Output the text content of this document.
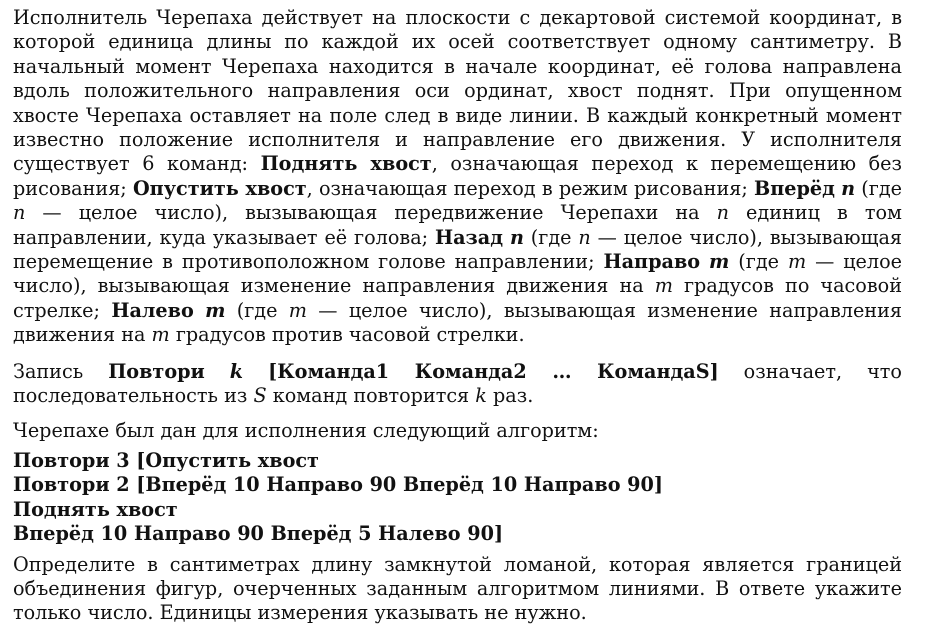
Исполнитель Черепаха действует на плоскости с декартовой системой координат, в которой единица длины по каждой их осей соответствует одному сантиметру. В начальный момент Черепаха находится в начале координат, её голова направлена вдоль положительного направления оси ординат, хвост поднят. При опущенном хвосте Черепаха оставляет на поле след в виде линии. В каждый конкретный момент известно положение исполнителя и направление его движения. У исполнителя существует 6 команд: Поднять хвост, означающая переход к перемещению без рисования; Опустить хвост, означающая переход в режим рисования; Вперёд n (где n — целое число), вызывающая передвижение Черепахи на n единиц в том направлении, куда указывает её голова; Назад n (где n — целое число), вызывающая перемещение в противоположном голове направлении; Направо m (где m — целое число), вызывающая изменение направления движения на m градусов по часовой стрелке; Налево m (где m — целое число), вызывающая изменение направления движения на m градусов против часовой стрелки.

Запись Повтори k [Команда1 Команда2 … КомандаS] означает, что последовательность из S команд повторится k раз.

Черепахе был дан для исполнения следующий алгоритм:

Повтори 3 [Опустить хвост
Повтори 2 [Вперёд 10 Направо 90 Вперёд 10 Направо 90]
Поднять хвост
Вперёд 10 Направо 90 Вперёд 5 Налево 90]

Определите в сантиметрах длину замкнутой ломаной, которая является границей объединения фигур, очерченных заданным алгоритмом линиями. В ответе укажите только число. Единицы измерения указывать не нужно.
